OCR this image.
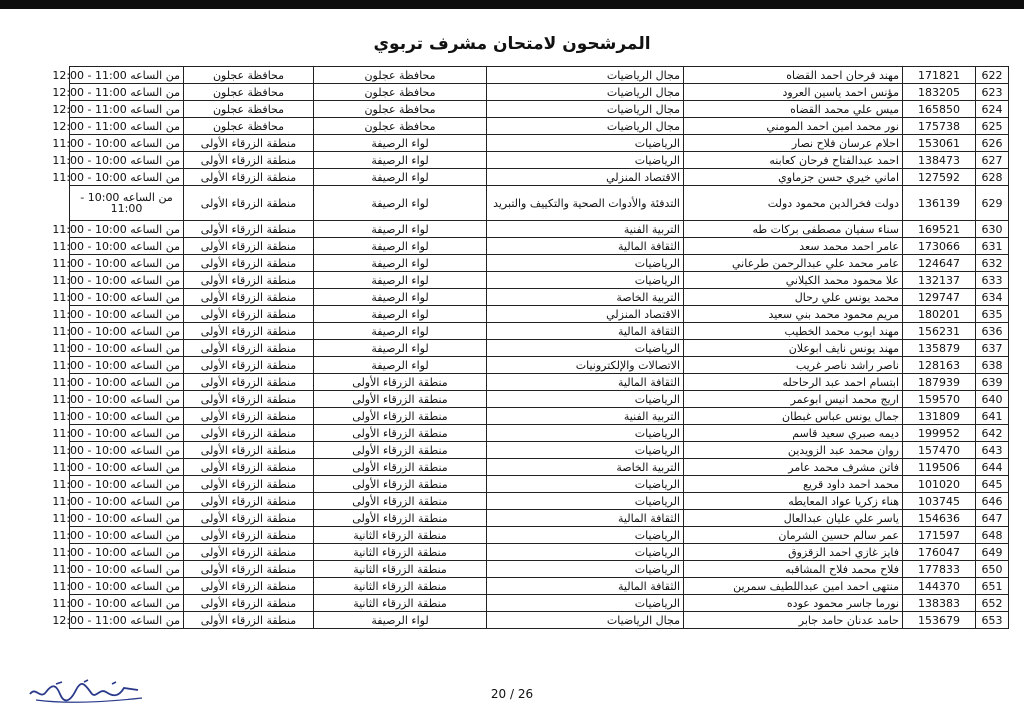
المرشحون لامتحان مشرف تربوي
622	171821	مهند فرحان احمد القضاه	مجال الرياضيات	محافظة عجلون	محافظة عجلون	من الساعه 11:00 - 12:00
623	183205	مؤنس احمد ياسين العرود	مجال الرياضيات	محافظة عجلون	محافظة عجلون	من الساعه 11:00 - 12:00
624	165850	ميس علي محمد القضاه	مجال الرياضيات	محافظة عجلون	محافظة عجلون	من الساعه 11:00 - 12:00
625	175738	نور محمد امين احمد المومني	مجال الرياضيات	محافظة عجلون	محافظة عجلون	من الساعه 11:00 - 12:00
626	153061	احلام عرسان فلاح نصار	الرياضيات	لواء الرصيفة	منطقة الزرقاء الأولى	من الساعه 10:00 - 11:00
627	138473	احمد عبدالفتاح فرحان كعابنه	الرياضيات	لواء الرصيفة	منطقة الزرقاء الأولى	من الساعه 10:00 - 11:00
628	127592	اماني خيري حسن جزماوي	الاقتصاد المنزلي	لواء الرصيفة	منطقة الزرقاء الأولى	من الساعه 10:00 - 11:00
629	136139	دولت فخرالدين محمود دولت	التدفئة والأدوات الصحية والتكييف والتبريد	لواء الرصيفة	منطقة الزرقاء الأولى	من الساعه 10:00 - 11:00
630	169521	سناء سفيان مصطفى بركات طه	التربية الفنية	لواء الرصيفة	منطقة الزرقاء الأولى	من الساعه 10:00 - 11:00
631	173066	عامر احمد محمد سعد	الثقافة المالية	لواء الرصيفة	منطقة الزرقاء الأولى	من الساعه 10:00 - 11:00
632	124647	عامر محمد علي عبدالرحمن طرعاني	الرياضيات	لواء الرصيفة	منطقة الزرقاء الأولى	من الساعه 10:00 - 11:00
633	132137	علا محمود محمد الكيلاني	الرياضيات	لواء الرصيفة	منطقة الزرقاء الأولى	من الساعه 10:00 - 11:00
634	129747	محمد يونس علي رحال	التربية الخاصة	لواء الرصيفة	منطقة الزرقاء الأولى	من الساعه 10:00 - 11:00
635	180201	مريم محمود محمد بني سعيد	الاقتصاد المنزلي	لواء الرصيفة	منطقة الزرقاء الأولى	من الساعه 10:00 - 11:00
636	156231	مهند ايوب محمد الخطيب	الثقافة المالية	لواء الرصيفة	منطقة الزرقاء الأولى	من الساعه 10:00 - 11:00
637	135879	مهند يونس نايف ابوعلان	الرياضيات	لواء الرصيفة	منطقة الزرقاء الأولى	من الساعه 10:00 - 11:00
638	128163	ناصر راشد ناصر غريب	الاتصالات والإلكترونيات	لواء الرصيفة	منطقة الزرقاء الأولى	من الساعه 10:00 - 11:00
639	187939	ابتسام احمد عبد الرحاحله	الثقافة المالية	منطقة الزرقاء الأولى	منطقة الزرقاء الأولى	من الساعه 10:00 - 11:00
640	159570	اريج محمد انيس ابوعمر	الرياضيات	منطقة الزرقاء الأولى	منطقة الزرقاء الأولى	من الساعه 10:00 - 11:00
641	131809	جمال يونس عباس غبطان	التربية الفنية	منطقة الزرقاء الأولى	منطقة الزرقاء الأولى	من الساعه 10:00 - 11:00
642	199952	ديمه صبري سعيد قاسم	الرياضيات	منطقة الزرقاء الأولى	منطقة الزرقاء الأولى	من الساعه 10:00 - 11:00
643	157470	روان محمد عبد الزويدين	الرياضيات	منطقة الزرقاء الأولى	منطقة الزرقاء الأولى	من الساعه 10:00 - 11:00
644	119506	فاتن مشرف محمد عامر	التربية الخاصة	منطقة الزرقاء الأولى	منطقة الزرقاء الأولى	من الساعه 10:00 - 11:00
645	101020	محمد احمد داود قريع	الرياضيات	منطقة الزرقاء الأولى	منطقة الزرقاء الأولى	من الساعه 10:00 - 11:00
646	103745	هناء زكريا عواد المعايطه	الرياضيات	منطقة الزرقاء الأولى	منطقة الزرقاء الأولى	من الساعه 10:00 - 11:00
647	154636	ياسر علي عليان عبدالعال	الثقافة المالية	منطقة الزرقاء الأولى	منطقة الزرقاء الأولى	من الساعه 10:00 - 11:00
648	171597	عمر سالم حسين الشرمان	الرياضيات	منطقة الزرقاء الثانية	منطقة الزرقاء الأولى	من الساعه 10:00 - 11:00
649	176047	فايز غازي احمد الزقزوق	الرياضيات	منطقة الزرقاء الثانية	منطقة الزرقاء الأولى	من الساعه 10:00 - 11:00
650	177833	فلاح محمد فلاح المشاقبه	الرياضيات	منطقة الزرقاء الثانية	منطقة الزرقاء الأولى	من الساعه 10:00 - 11:00
651	144370	منتهى احمد امين عبداللطيف سمرين	الثقافة المالية	منطقة الزرقاء الثانية	منطقة الزرقاء الأولى	من الساعه 10:00 - 11:00
652	138383	نورما جاسر محمود عوده	الرياضيات	منطقة الزرقاء الثانية	منطقة الزرقاء الأولى	من الساعه 10:00 - 11:00
653	153679	حامد عدنان حامد جابر	مجال الرياضيات	لواء الرصيفة	منطقة الزرقاء الأولى	من الساعه 11:00 - 12:00
20 / 26
